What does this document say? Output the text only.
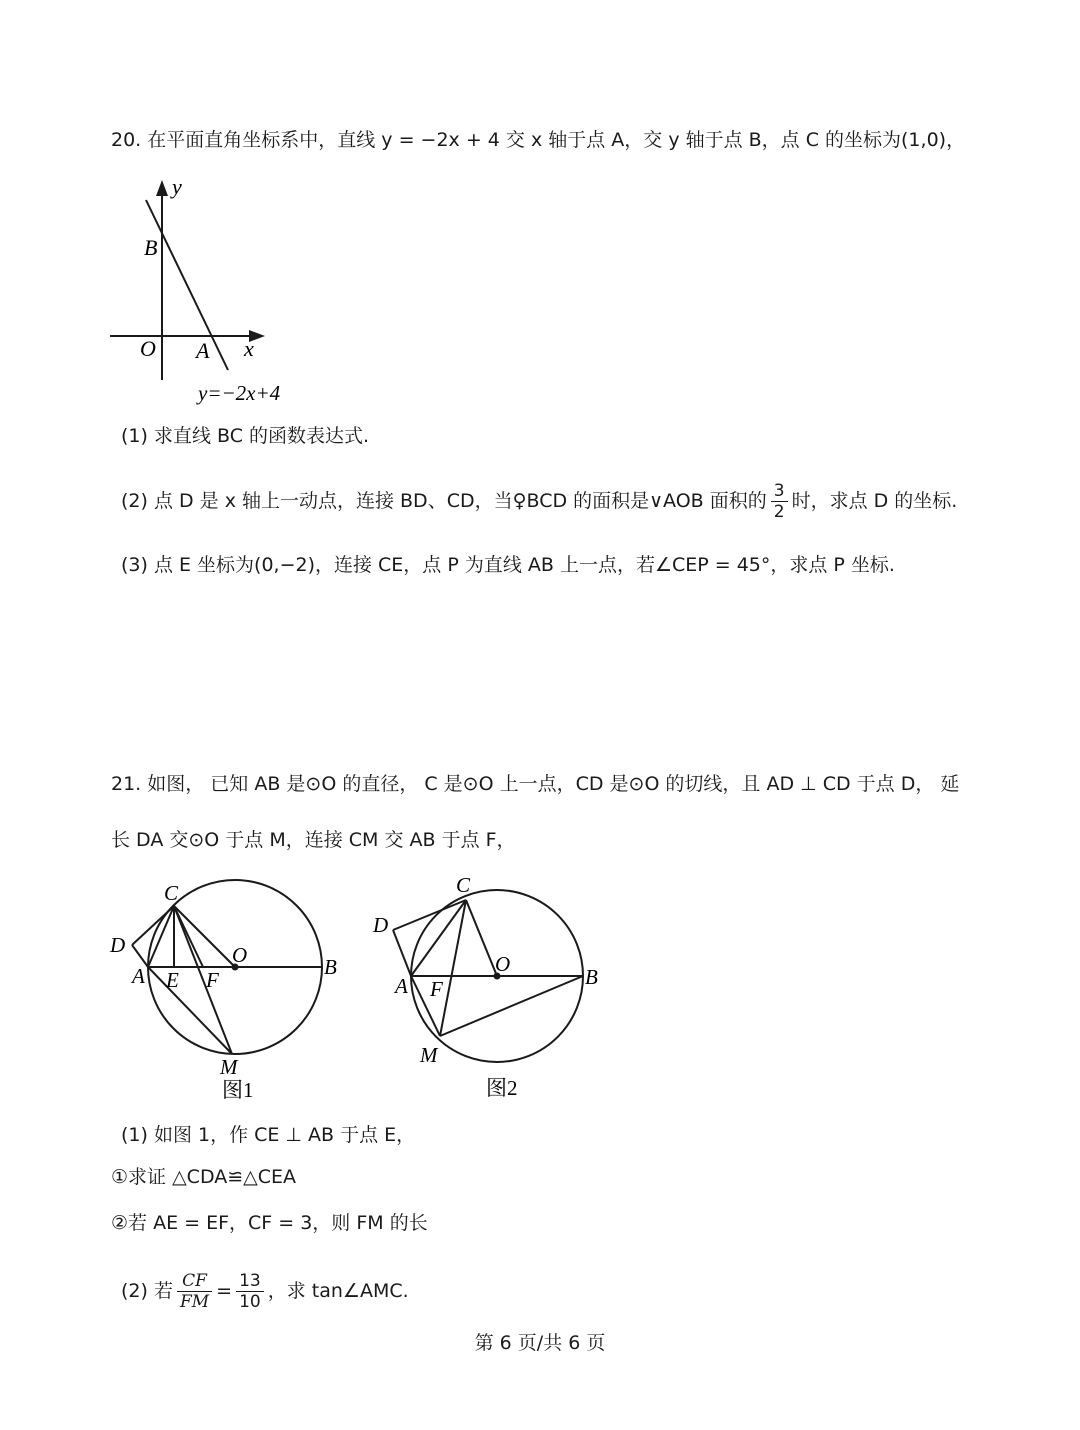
20. 在平面直角坐标系中，直线 y = −2x + 4 交 x 轴于点 A，交 y 轴于点 B，点 C 的坐标为(1,0)，
y
B
O A x
y=−2x+4
(1) 求直线 BC 的函数表达式.
(2) 点 D 是 x 轴上一动点，连接 BD、CD，当♀BCD 的面积是∨AOB 面积的 $\frac{3}{2}$ 时，求点 D 的坐标.
(3) 点 E 坐标为(0,−2)，连接 CE，点 P 为直线 AB 上一点，若∠CEP = 45°，求点 P 坐标.
21. 如图， 已知 AB 是⊙O 的直径， C 是⊙O 上一点，CD 是⊙O 的切线，且 AD ⊥ CD 于点 D， 延
长 DA 交⊙O 于点 M，连接 CM 交 AB 于点 F，
C
D
A E F
O	B
M
图1
C
D
A F
O
B
M
图2
(1) 如图 1，作 CE ⊥ AB 于点 E，
①求证 △CDA≌△CEA
②若 AE = EF，CF = 3，则 FM 的长
(2) 若 $\frac{CF}{FM} = \frac{13}{10}$ ，求 tan∠AMC.
第 6 页/共 6 页
